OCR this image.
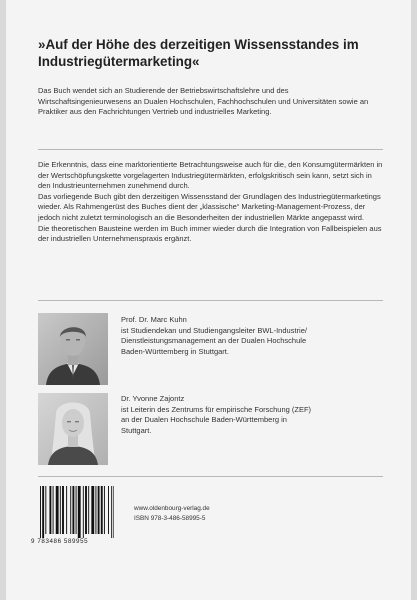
»Auf der Höhe des derzeitigen Wissensstandes im
Industriegütermarketing«

Das Buch wendet sich an Studierende der Betriebswirtschaftslehre und des Wirtschaftsingenieurwesens an Dualen Hochschulen, Fachhochschulen und Universitäten sowie an Praktiker aus den Fachrichtungen Vertrieb und industrielles Marketing.

Die Erkenntnis, dass eine marktorientierte Betrachtungsweise auch für die, den Konsumgütermärkten in der Wertschöpfungskette vorgelagerten Industriegütermärkten, erfolgskritisch sein kann, setzt sich in den Industrieunternehmen zunehmend durch.
Das vorliegende Buch gibt den derzeitigen Wissensstand der Grundlagen des Industriegütermarketings wieder. Als Rahmengerüst des Buches dient der „klassische“ Marketing-Management-Prozess, der jedoch nicht zuletzt terminologisch an die Besonderheiten der industriellen Märkte angepasst wird.
Die theoretischen Bausteine werden im Buch immer wieder durch die Integration von Fallbeispielen aus der industriellen Unternehmenspraxis ergänzt.
Prof. Dr. Marc Kuhn
ist Studiendekan und Studiengangsleiter BWL-Industrie/
Dienstleistungsmanagement an der Dualen Hochschule
Baden-Württemberg in Stuttgart.
Dr. Yvonne Zajontz
ist Leiterin des Zentrums für empirische Forschung (ZEF)
an der Dualen Hochschule Baden-Württemberg in
Stuttgart.
9 783486 589955
www.oldenbourg-verlag.de
ISBN 978-3-486-58995-5
